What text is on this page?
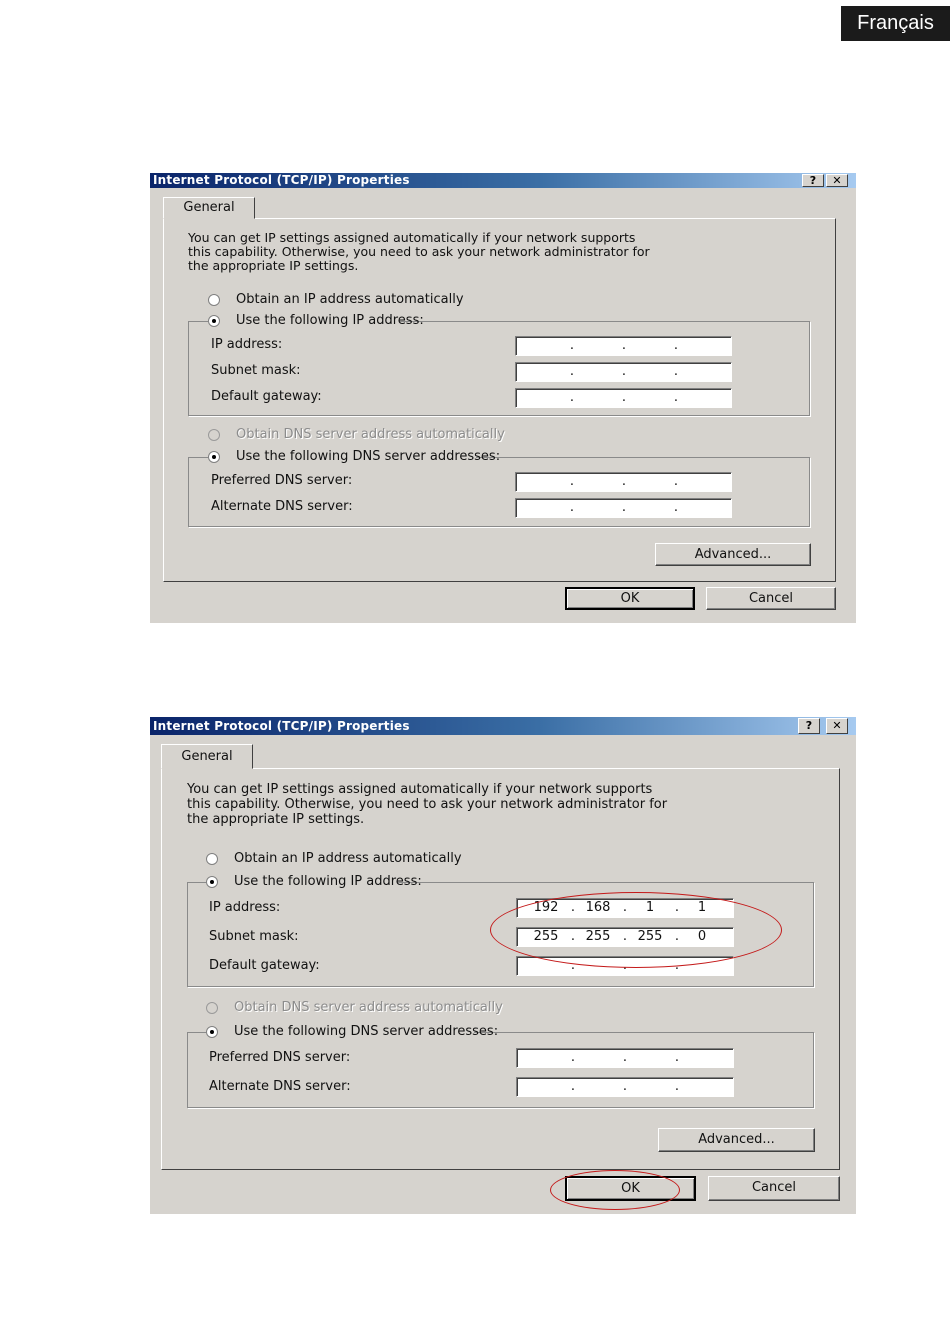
Français
Internet Protocol (TCP/IP) Properties	?	✕
General
You can get IP settings assigned automatically if your network supports
this capability. Otherwise, you need to ask your network administrator for
the appropriate IP settings.
Obtain an IP address automatically
Use the following IP address:
IP address:	.	.	.
Subnet mask:	.	.	.
Default gateway:	.	.	.
Obtain DNS server address automatically
Use the following DNS server addresses:
Preferred DNS server:	.	.	.
Alternate DNS server:	.	.	.
Advanced...
OK	Cancel
Internet Protocol (TCP/IP) Properties	?	✕
General
You can get IP settings assigned automatically if your network supports
this capability. Otherwise, you need to ask your network administrator for
the appropriate IP settings.
Obtain an IP address automatically
Use the following IP address:
IP address:	192 . 168 .	1	.	1
Subnet mask:	255 . 255 . 255 .	0
Default gateway:	.	.	.
Obtain DNS server address automatically
Use the following DNS server addresses:
Preferred DNS server:	.	.	.
Alternate DNS server:	.	.	.
Advanced...
OK	Cancel
